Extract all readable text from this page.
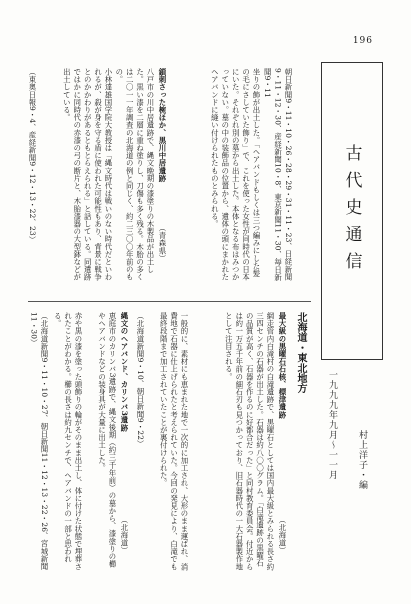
196
古代史通信
一九九九年九月〜一一月 村上洋子・編
朝日新聞9・11・10・26・28・29・31・11・23、日経新聞9・11・12・30、産経新聞10・8、東京新聞11・30、毎日新聞9・11
坐りの飾が出土した。「ヘアバンドもしくは三つ編みにした髪の毛にさしていた飾り」で、これを使った女性が同時代の日本にいた。それぞれ別の墓から出土した。本体となる布はみつかっていない。墓の中の装飾品の位置から、遺体の頭にまかれたヘアバンドに縫い付けられたものとみられる。
鎖刺さった椀ほか、黒川中居遺跡
（青森県）
八戸市の川中居遺跡で、縄文晩期の漆塗りの木製品が出土した。黒い漆を二層に重ね塗りし、刀傷も多く残る。木胎の多くは二〇一一年調査の北海道の例と同じく、約二三〇〇年前のもの。
小林達雄国学院大教授は「縄文時代は戦いのない時代だといわれるが、殺が身を守る盾に使われた可能性もあり、背景に戦争とのかかわりがあるともとらえられる」と話している。同遺跡ではかに同時代の赤漆の弓の断片と、木胎漆器の大型鉢などが出土している。
（東奥日報9・4、産経新聞9・12・13・22、23）
北海道・東北地方
最大級の黒曜石石核、標津遺跡
（北海道）
網走管内白滝村の白滝遺跡で、黒曜石としては国内最大級とみられる長さ約三四センチの石器が出土した。石器は約八〇〇グラム。「白滝遺跡の黒曜石の品質が高く、石器を作るのに好都合だった」と同村教育委員会。付近からは約一万五千年前の細石刃も見つかっており、旧石器時代の一大石器製作地として注目される。
一般的に、素材にも恵まれた地で一次的に加工され、大形のまま運ばれ、消費地で石器に仕上げられたと考えられていた。今回の発見により、白滝でも最終段階まで加工されていたことが裏付けられた。
（北海道新聞9・10、朝日新聞9・22）
縄文のヘアバンド、カリンバ3遺跡
（北海道）
恵庭市のカリンバ3遺跡で、縄文後期（約三千年前）の墓から、漆塗りの櫛やヘアバンドなどの装身具が大量に出土した。
赤や黒の漆を塗った頭飾りの輪がそのまま出土し、体に付けた状態で埋葬されたことがわかる。櫛の長さは約九センチで、ヘアバンドの一部と思われる。
（北海道新聞9・11・10・27、朝日新聞11・12・13・22・26、宮城新聞11・30）
